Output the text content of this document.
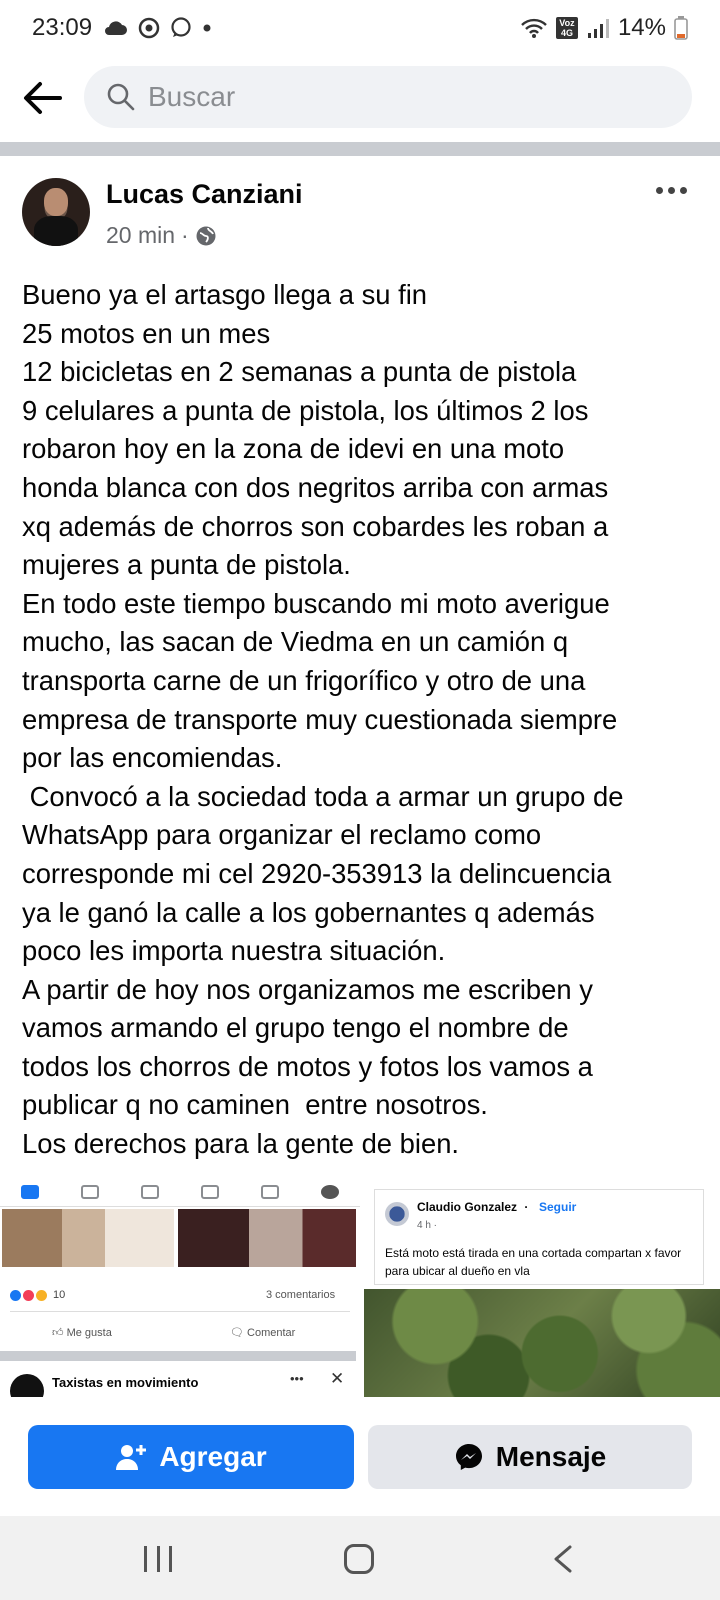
23:09	Voz 4G 14%
Buscar
Lucas Canziani
20 min ·
Bueno ya el artasgo llega a su fin
25 motos en un mes
12 bicicletas en 2 semanas a punta de pistola
9 celulares a punta de pistola, los últimos 2 los
robaron hoy en la zona de idevi en una moto
honda blanca con dos negritos arriba con armas
xq además de chorros son cobardes les roban a
mujeres a punta de pistola.
En todo este tiempo buscando mi moto averigue
mucho, las sacan de Viedma en un camión q
transporta carne de un frigorífico y otro de una
empresa de transporte muy cuestionada siempre
por las encomiendas.
Convocó a la sociedad toda a armar un grupo de
WhatsApp para organizar el reclamo como
corresponde mi cel 2920-353913 la delincuencia
ya le ganó la calle a los gobernantes q además
poco les importa nuestra situación.
A partir de hoy nos organizamos me escriben y
vamos armando el grupo tengo el nombre de
todos los chorros de motos y fotos los vamos a
publicar q no caminen  entre nosotros.
Los derechos para la gente de bien.
10	3 comentarios
👍︎ Me gusta	🗨︎ Comentar
Taxistas en movimiento	••• ✕
Claudio Gonzalez · Seguir
4 h ·
Está moto está tirada en una cortada compartan x favor para ubicar al dueño en vla
Agregar	Mensaje
